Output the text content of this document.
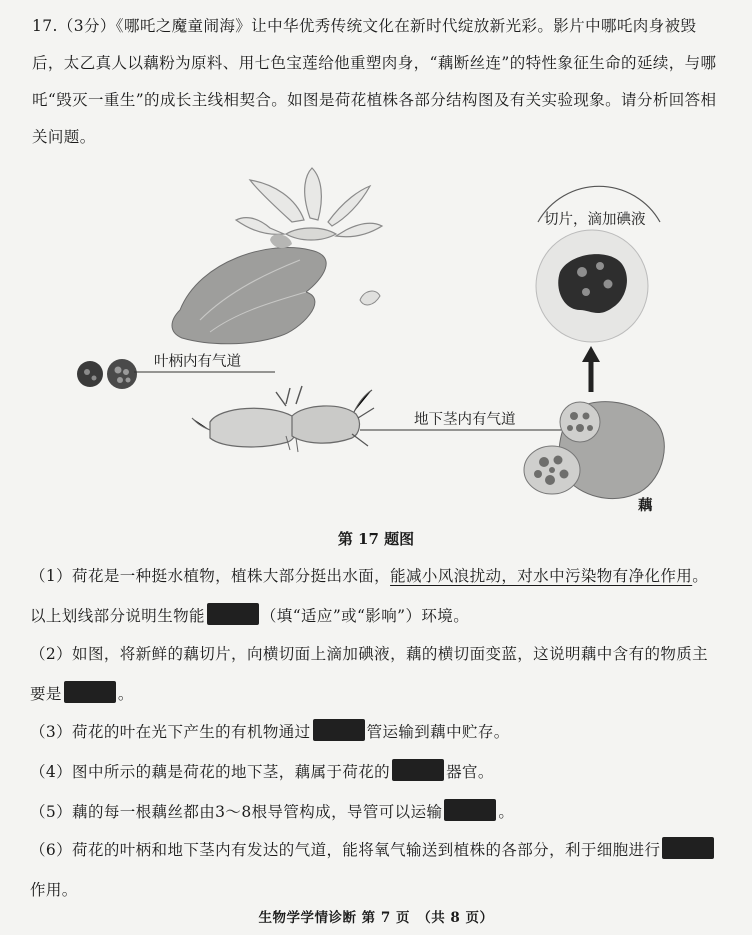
17.（3分）《哪吒之魔童闹海》让中华优秀传统文化在新时代绽放新光彩。影片中哪吒肉身被毁后，太乙真人以藕粉为原料、用七色宝莲给他重塑肉身，“藕断丝连”的特性象征生命的延续，与哪吒“毁灭一重生”的成长主线相契合。如图是荷花植株各部分结构图及有关实验现象。请分析回答相关问题。

叶柄内有气道
地下茎内有气道
切片，滴加碘液
藕
第 17 题图

（1）荷花是一种挺水植物，植株大部分挺出水面，能减小风浪扰动，对水中污染物有净化作用。以上划线部分说明生物能	（填“适应”或“影响”）环境。

（2）如图，将新鲜的藕切片，向横切面上滴加碘液，藕的横切面变蓝，这说明藕中含有的物质主要是	。

（3）荷花的叶在光下产生的有机物通过	管运输到藕中贮存。

（4）图中所示的藕是荷花的地下茎，藕属于荷花的	器官。

（5）藕的每一根藕丝都由3～8根导管构成，导管可以运输	。

（6）荷花的叶柄和地下茎内有发达的气道，能将氧气输送到植株的各部分，利于细胞进行作用。

生物学学情诊断 第 7 页　（共 8 页）
